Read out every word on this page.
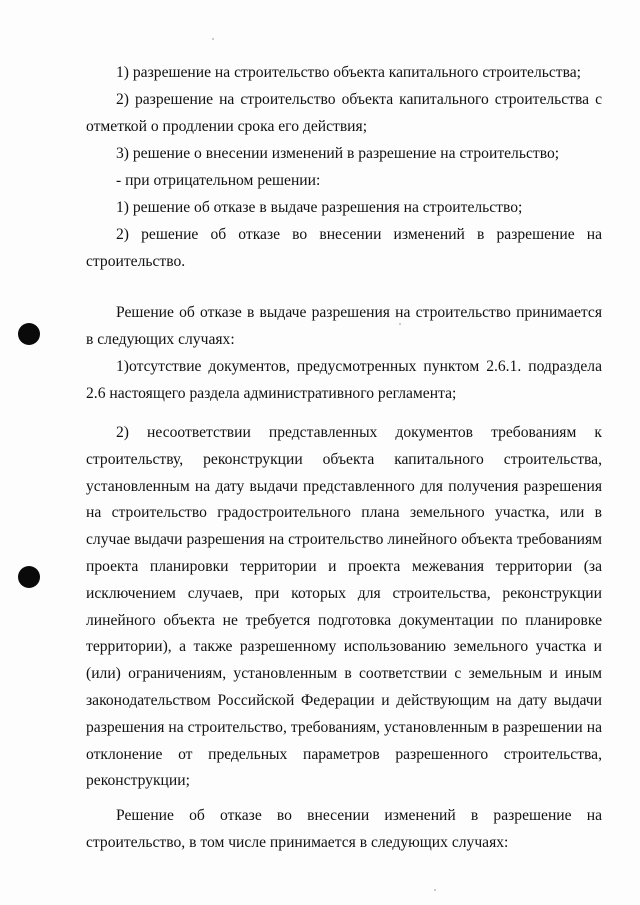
1) разрешение на строительство объекта капитального строительства;

2) разрешение на строительство объекта капитального строительства с отметкой о продлении срока его действия;

3) решение о внесении изменений в разрешение на строительство;

- при отрицательном решении:

1) решение об отказе в выдаче разрешения на строительство;

2) решение об отказе во внесении изменений в разрешение на строительство.

Решение об отказе в выдаче разрешения на строительство принимается в следующих случаях:

1)отсутствие документов, предусмотренных пунктом 2.6.1. подраздела 2.6 настоящего раздела административного регламента;

2) несоответствии представленных документов требованиям к строительству, реконструкции объекта капитального строительства, установленным на дату выдачи представленного для получения разрешения на строительство градостроительного плана земельного участка, или в случае выдачи разрешения на строительство линейного объекта требованиям проекта планировки территории и проекта межевания территории (за исключением случаев, при которых для строительства, реконструкции линейного объекта не требуется подготовка документации по планировке территории), а также разрешенному использованию земельного участка и (или) ограничениям, установленным в соответствии с земельным и иным законодательством Российской Федерации и действующим на дату выдачи разрешения на строительство, требованиям, установленным в разрешении на отклонение от предельных параметров разрешенного строительства, реконструкции;

Решение об отказе во внесении изменений в разрешение на строительство, в том числе принимается в следующих случаях:
